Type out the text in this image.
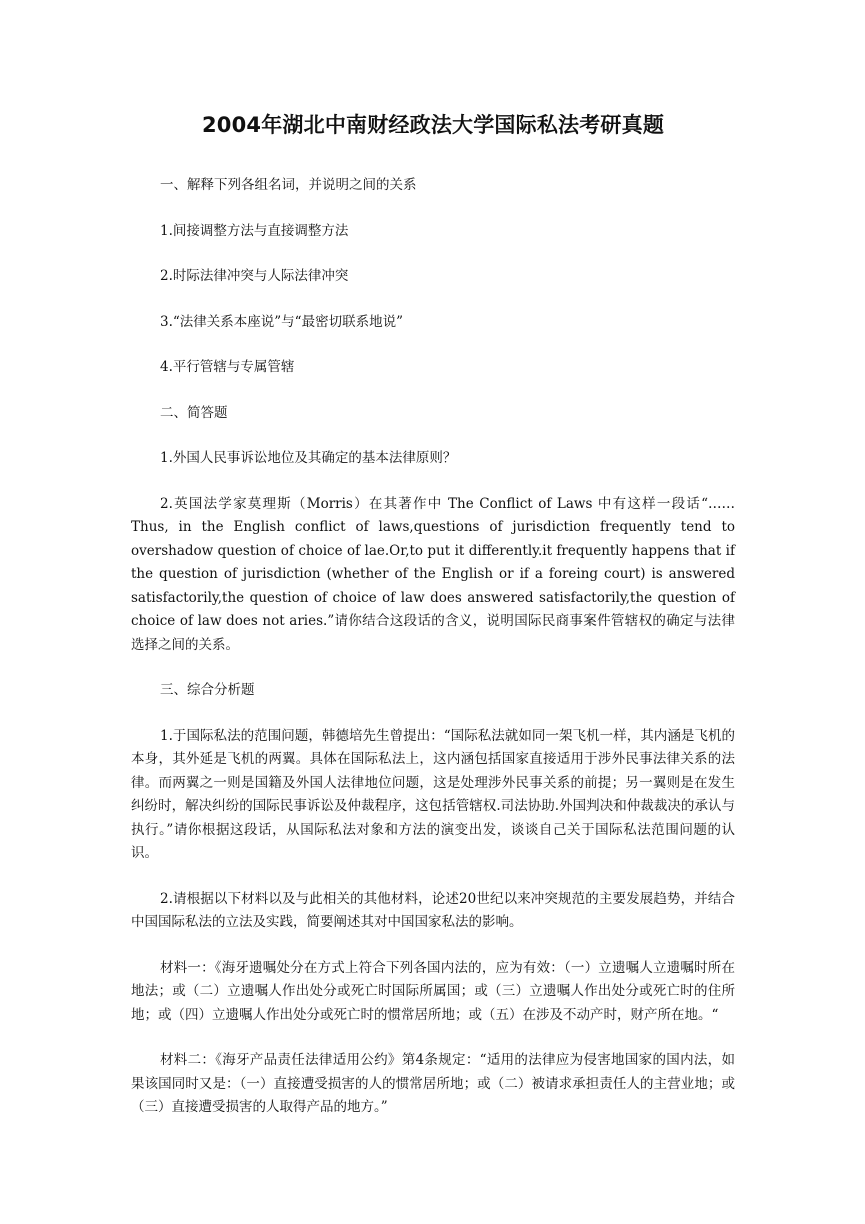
2004年湖北中南财经政法大学国际私法考研真题

一、解释下列各组名词，并说明之间的关系

1.间接调整方法与直接调整方法

2.时际法律冲突与人际法律冲突

3.“法律关系本座说”与“最密切联系地说”

4.平行管辖与专属管辖

二、简答题

1.外国人民事诉讼地位及其确定的基本法律原则？

2.英国法学家莫理斯（Morris）在其著作中 The Conflict of Laws 中有这样一段话“……Thus, in the English conflict of laws,questions of jurisdiction frequently tend to overshadow question of choice of lae.Or,to put it differently.it frequently happens that if the question of jurisdiction (whether of the English or if a foreing court) is answered satisfactorily,the question of choice of law does answered satisfactorily,the question of choice of law does not aries.”请你结合这段话的含义，说明国际民商事案件管辖权的确定与法律选择之间的关系。

三、综合分析题

1.于国际私法的范围问题，韩德培先生曾提出：“国际私法就如同一架飞机一样，其内涵是飞机的本身，其外延是飞机的两翼。具体在国际私法上，这内涵包括国家直接适用于涉外民事法律关系的法律。而两翼之一则是国籍及外国人法律地位问题，这是处理涉外民事关系的前提；另一翼则是在发生纠纷时，解决纠纷的国际民事诉讼及仲裁程序，这包括管辖权.司法协助.外国判决和仲裁裁决的承认与执行。”请你根据这段话，从国际私法对象和方法的演变出发，谈谈自己关于国际私法范围问题的认识。

2.请根据以下材料以及与此相关的其他材料，论述20世纪以来冲突规范的主要发展趋势，并结合中国国际私法的立法及实践，简要阐述其对中国国家私法的影响。

材料一：《海牙遗嘱处分在方式上符合下列各国内法的，应为有效：（一）立遗嘱人立遗嘱时所在地法；或（二）立遗嘱人作出处分或死亡时国际所属国；或（三）立遗嘱人作出处分或死亡时的住所地；或（四）立遗嘱人作出处分或死亡时的惯常居所地；或（五）在涉及不动产时，财产所在地。“

材料二：《海牙产品责任法律适用公约》第4条规定：“适用的法律应为侵害地国家的国内法，如果该国同时又是：（一）直接遭受损害的人的惯常居所地；或（二）被请求承担责任人的主营业地；或（三）直接遭受损害的人取得产品的地方。”
